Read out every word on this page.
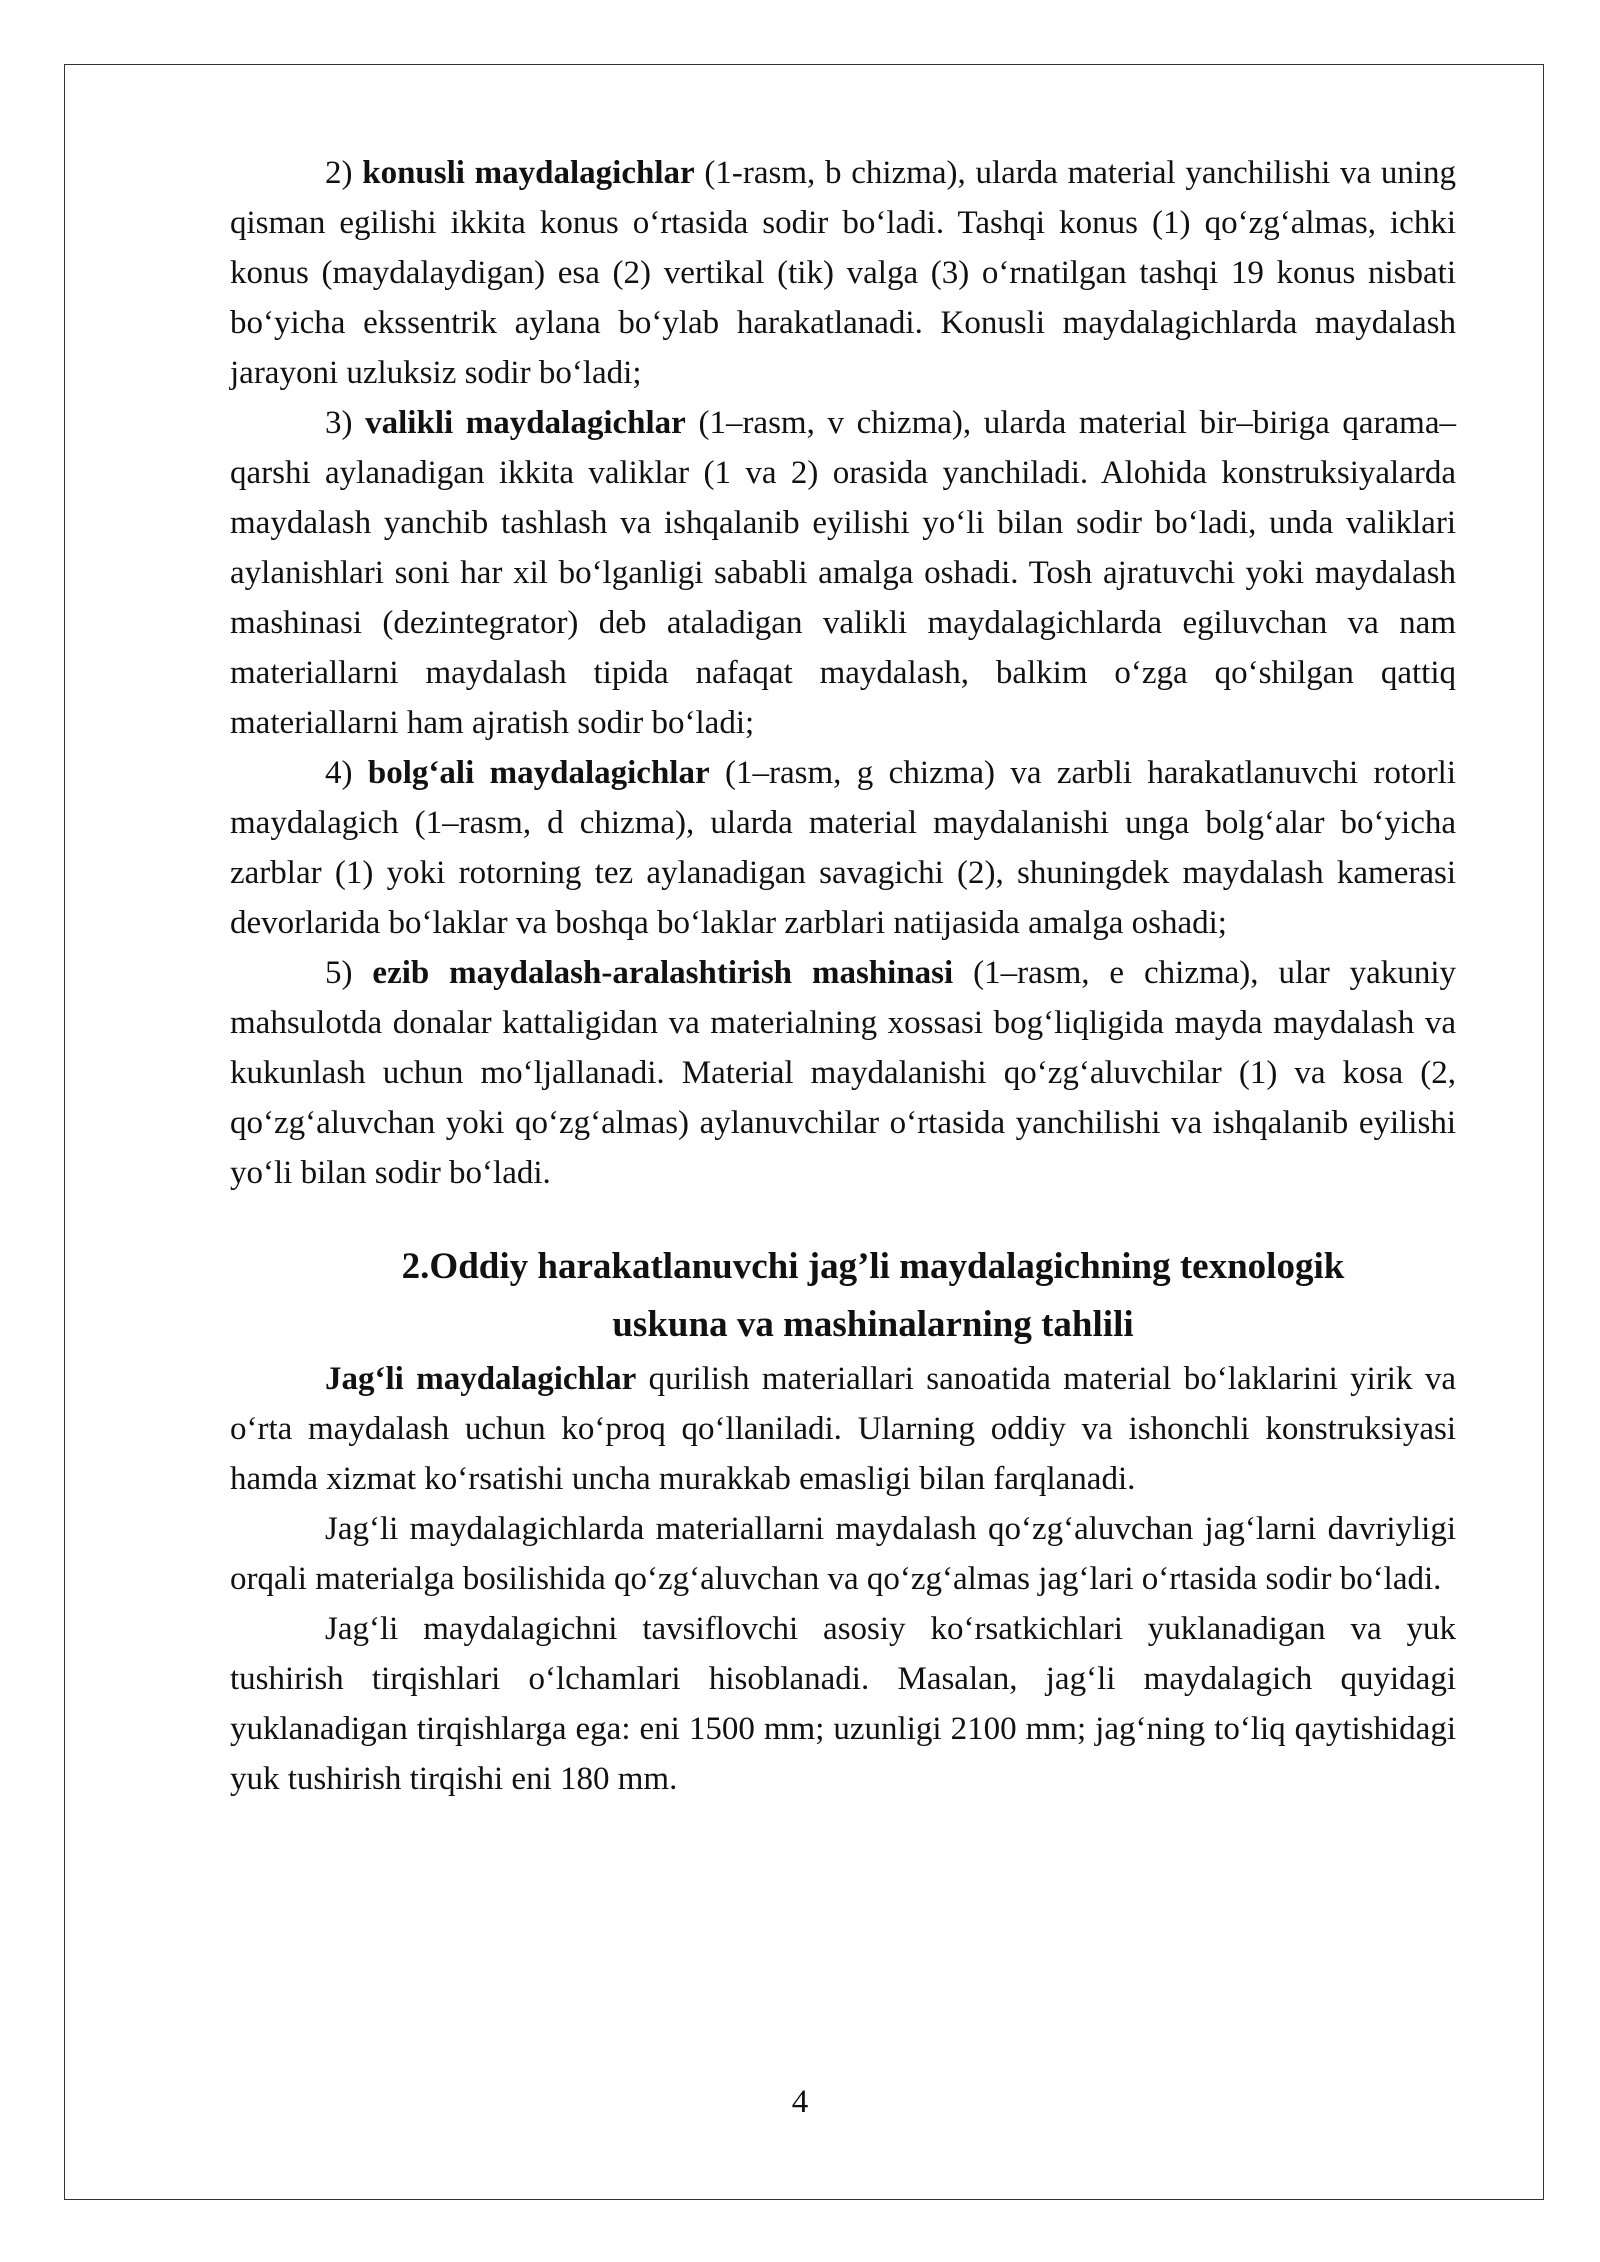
2) konusli maydalagichlar (1-rasm, b chizma), ularda material yanchilishi va uning qisman egilishi ikkita konus oʻrtasida sodir boʻladi. Tashqi konus (1) qoʻzgʻalmas, ichki konus (maydalaydigan) esa (2) vertikal (tik) valga (3) oʻrnatilgan tashqi 19 konus nisbati boʻyicha ekssentrik aylana boʻylab harakatlanadi. Konusli maydalagichlarda maydalash jarayoni uzluksiz sodir boʻladi;

3) valikli maydalagichlar (1–rasm, v chizma), ularda material bir–biriga qarama–qarshi aylanadigan ikkita valiklar (1 va 2) orasida yanchiladi. Alohida konstruksiyalarda maydalash yanchib tashlash va ishqalanib eyilishi yoʻli bilan sodir boʻladi, unda valiklari aylanishlari soni har xil boʻlganligi sababli amalga oshadi. Tosh ajratuvchi yoki maydalash mashinasi (dezintegrator) deb ataladigan valikli maydalagichlarda egiluvchan va nam materiallarni maydalash tipida nafaqat maydalash, balkim oʻzga qoʻshilgan qattiq materiallarni ham ajratish sodir boʻladi;

4) bolgʻali maydalagichlar (1–rasm, g chizma) va zarbli harakatlanuvchi rotorli maydalagich (1–rasm, d chizma), ularda material maydalanishi unga bolgʻalar boʻyicha zarblar (1) yoki rotorning tez aylanadigan savagichi (2), shuningdek maydalash kamerasi devorlarida boʻlaklar va boshqa boʻlaklar zarblari natijasida amalga oshadi;

5) ezib maydalash-aralashtirish mashinasi (1–rasm, e chizma), ular yakuniy mahsulotda donalar kattaligidan va materialning xossasi bogʻliqligida mayda maydalash va kukunlash uchun moʻljallanadi. Material maydalanishi qoʻzgʻaluvchilar (1) va kosa (2, qoʻzgʻaluvchan yoki qoʻzgʻalmas) aylanuvchilar oʻrtasida yanchilishi va ishqalanib eyilishi yoʻli bilan sodir boʻladi.

2.Oddiy harakatlanuvchi jag’li maydalagichning texnologik
uskuna va mashinalarning tahlili

Jagʻli maydalagichlar qurilish materiallari sanoatida material boʻlaklarini yirik va oʻrta maydalash uchun koʻproq qoʻllaniladi. Ularning oddiy va ishonchli konstruksiyasi hamda xizmat koʻrsatishi uncha murakkab emasligi bilan farqlanadi.

Jagʻli maydalagichlarda materiallarni maydalash qoʻzgʻaluvchan jagʻlarni davriyligi orqali materialga bosilishida qoʻzgʻaluvchan va qoʻzgʻalmas jagʻlari oʻrtasida sodir boʻladi.

Jagʻli maydalagichni tavsiflovchi asosiy koʻrsatkichlari yuklanadigan va yuk tushirish tirqishlari oʻlchamlari hisoblanadi. Masalan, jagʻli maydalagich quyidagi yuklanadigan tirqishlarga ega: eni 1500 mm; uzunligi 2100 mm; jagʻning toʻliq qaytishidagi yuk tushirish tirqishi eni 180 mm.

4
